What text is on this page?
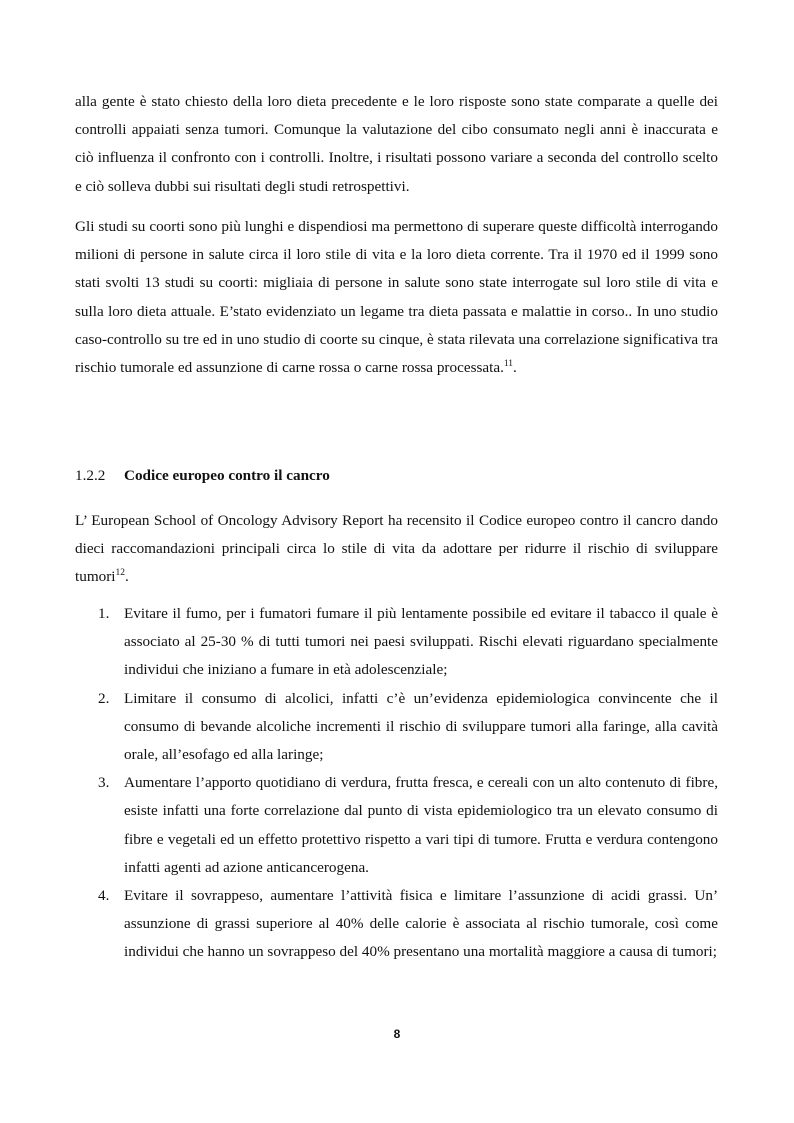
alla gente è stato chiesto della loro dieta precedente e le loro risposte sono state comparate a quelle dei controlli appaiati senza tumori. Comunque la valutazione del cibo consumato negli anni è inaccurata e ciò influenza il confronto con i controlli. Inoltre, i risultati possono variare a seconda del controllo scelto e ciò solleva dubbi sui risultati degli studi retrospettivi.

Gli studi su coorti sono più lunghi e dispendiosi ma permettono di superare queste difficoltà interrogando milioni di persone in salute circa il loro stile di vita e la loro dieta corrente. Tra il 1970 ed il 1999 sono stati svolti 13 studi su coorti: migliaia di persone in salute sono state interrogate sul loro stile di vita e sulla loro dieta attuale. E’stato evidenziato un legame tra dieta passata e malattie in corso.. In uno studio caso-controllo su tre ed in uno studio di coorte su cinque, è stata rilevata una correlazione significativa tra rischio tumorale ed assunzione di carne rossa o carne rossa processata.$^{11}$.

1.2.2 Codice europeo contro il cancro

L’ European School of Oncology Advisory Report ha recensito il Codice europeo contro il cancro dando dieci raccomandazioni principali circa lo stile di vita da adottare per ridurre il rischio di sviluppare tumori$^{12}$.

1. Evitare il fumo, per i fumatori fumare il più lentamente possibile ed evitare il tabacco il quale è associato al 25-30 % di tutti tumori nei paesi sviluppati. Rischi elevati riguardano specialmente individui che iniziano a fumare in età adolescenziale;
2. Limitare il consumo di alcolici, infatti c’è un’evidenza epidemiologica convincente che il consumo di bevande alcoliche incrementi il rischio di sviluppare tumori alla faringe, alla cavità orale, all’esofago ed alla laringe;
3. Aumentare l’apporto quotidiano di verdura, frutta fresca, e cereali con un alto contenuto di fibre, esiste infatti una forte correlazione dal punto di vista epidemiologico tra un elevato consumo di fibre e vegetali ed un effetto protettivo rispetto a vari tipi di tumore. Frutta e verdura contengono infatti agenti ad azione anticancerogena.
4. Evitare il sovrappeso, aumentare l’attività fisica e limitare l’assunzione di acidi grassi. Un’ assunzione di grassi superiore al 40% delle calorie è associata al rischio tumorale, così come individui che hanno un sovrappeso del 40% presentano una mortalità maggiore a causa di tumori;
8
